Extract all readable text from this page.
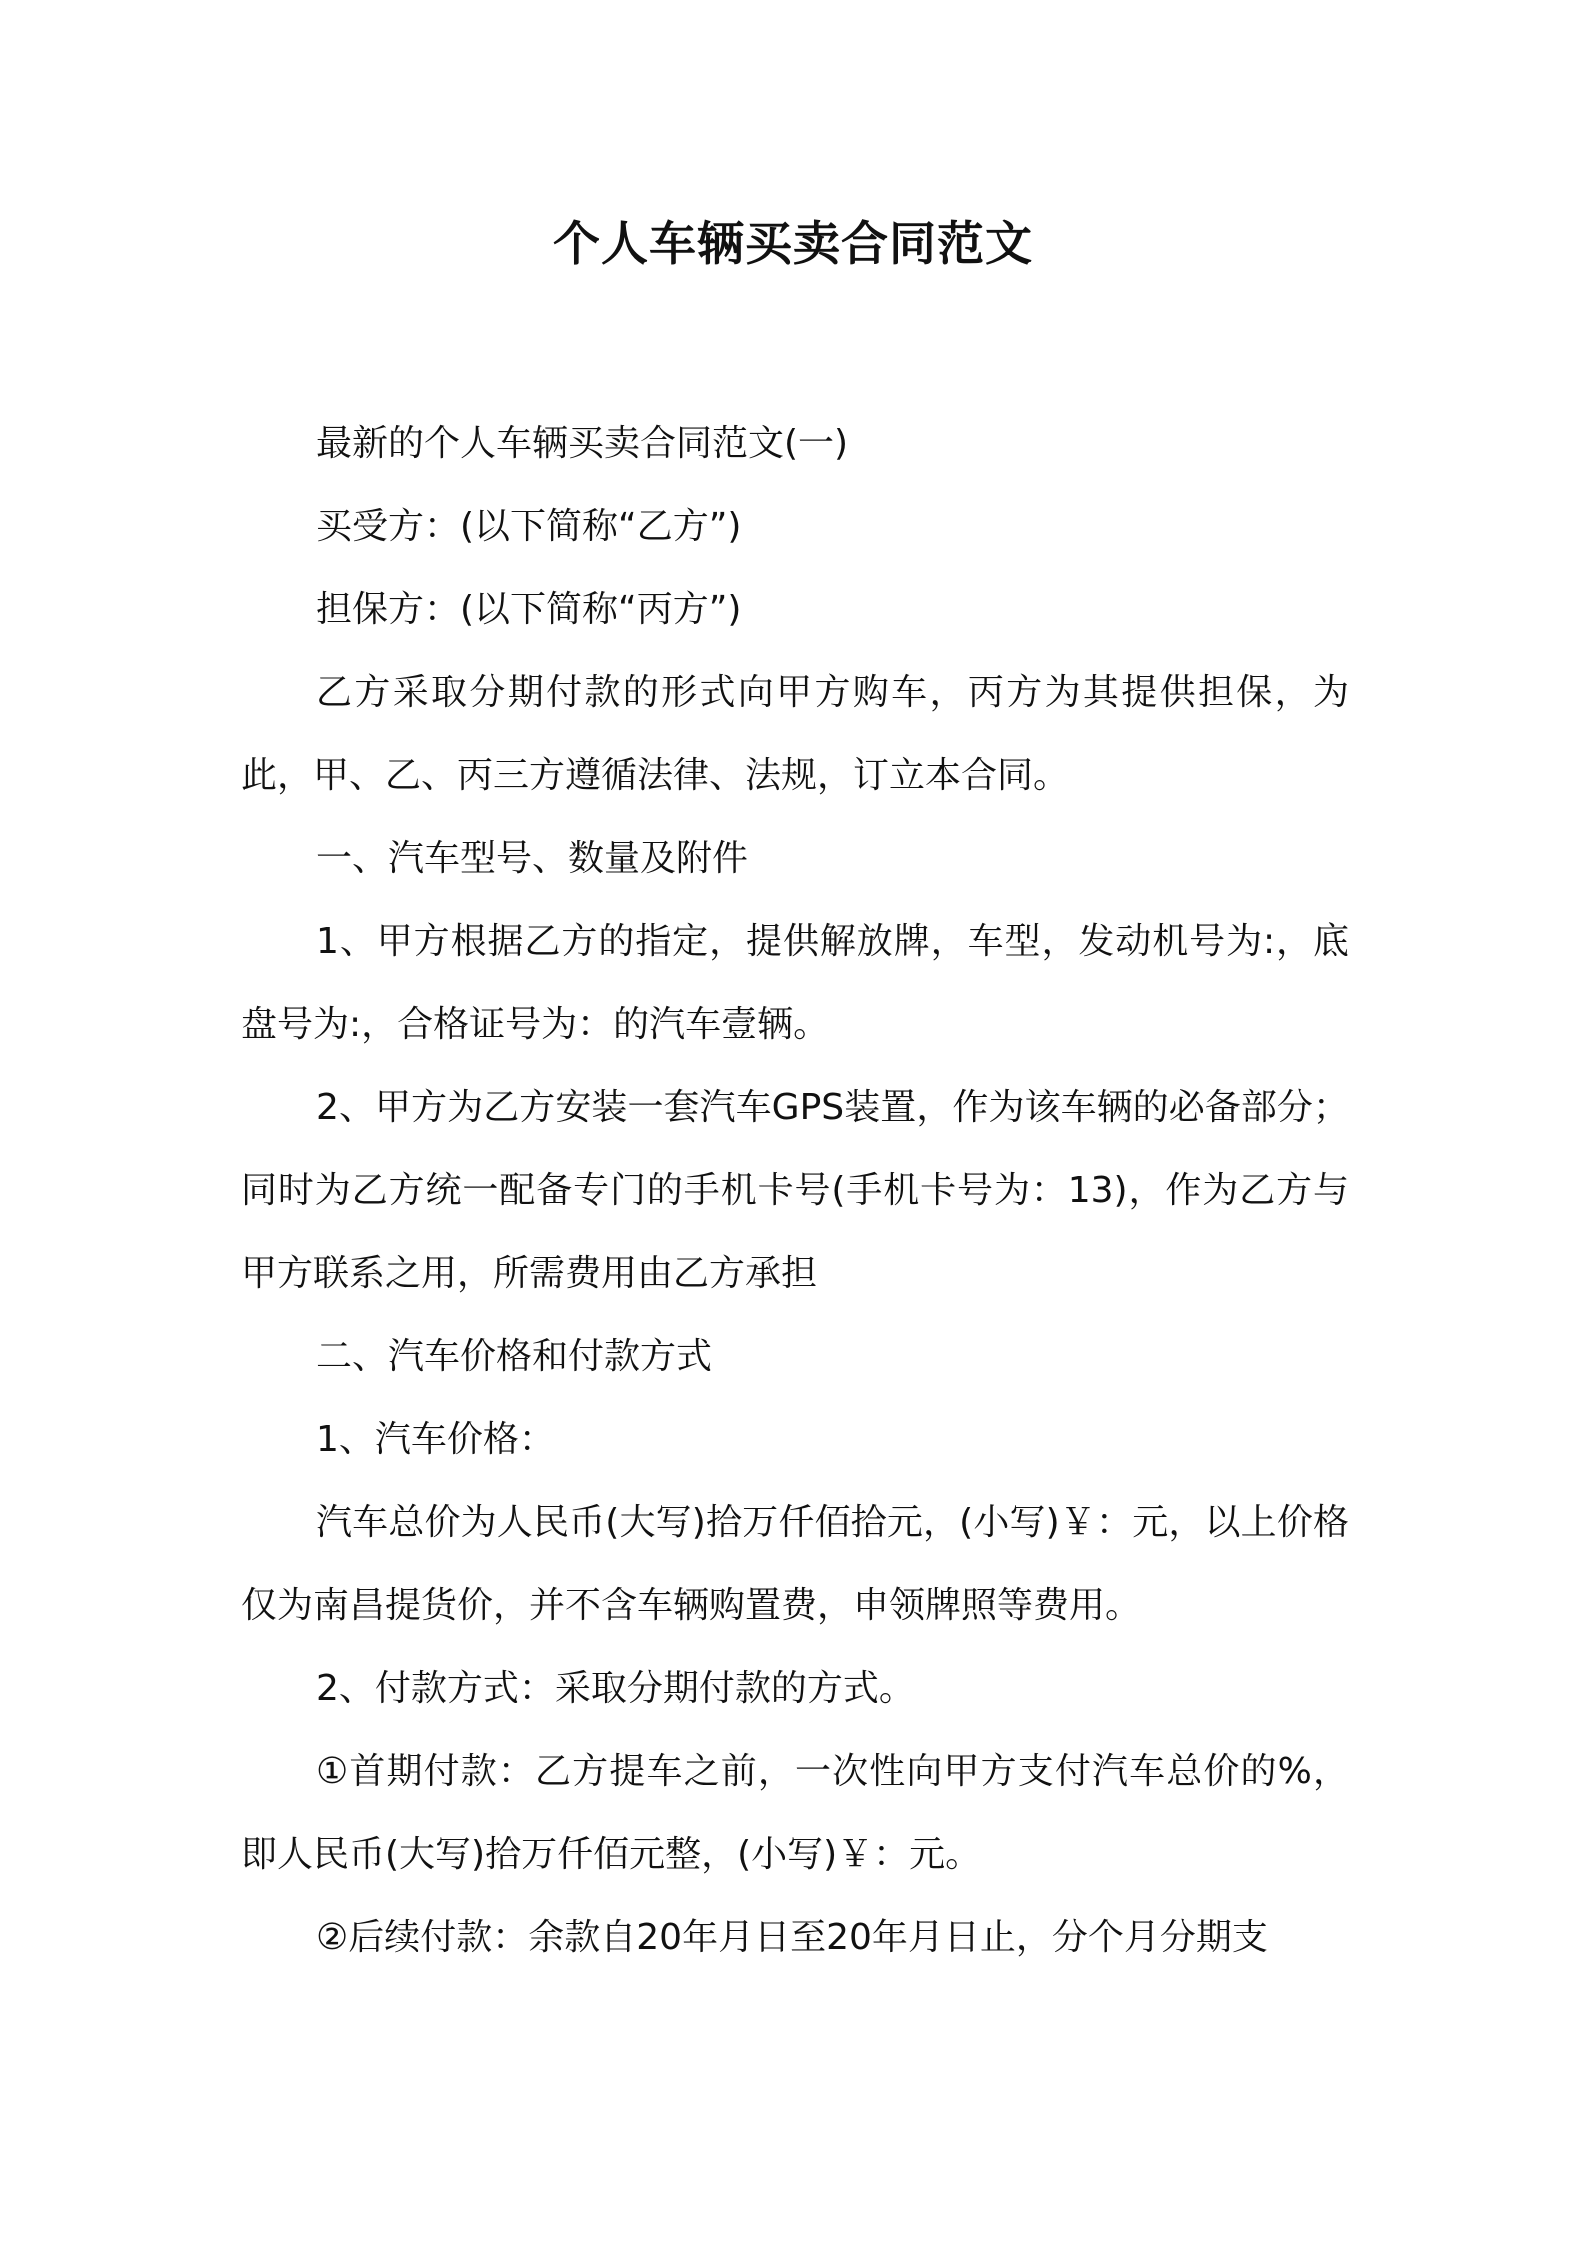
个人车辆买卖合同范文

最新的个人车辆买卖合同范文(一)

买受方：(以下简称“乙方”)

担保方：(以下简称“丙方”)

乙方采取分期付款的形式向甲方购车，丙方为其提供担保，为此，甲、乙、丙三方遵循法律、法规，订立本合同。

一、汽车型号、数量及附件

1、甲方根据乙方的指定，提供解放牌，车型，发动机号为:，底盘号为:，合格证号为：的汽车壹辆。

2、甲方为乙方安装一套汽车GPS装置，作为该车辆的必备部分；同时为乙方统一配备专门的手机卡号(手机卡号为：13)，作为乙方与甲方联系之用，所需费用由乙方承担

二、汽车价格和付款方式

1、汽车价格：

汽车总价为人民币(大写)拾万仟佰拾元，(小写)￥：元，以上价格仅为南昌提货价，并不含车辆购置费，申领牌照等费用。

2、付款方式：采取分期付款的方式。

①首期付款：乙方提车之前，一次性向甲方支付汽车总价的%，即人民币(大写)拾万仟佰元整，(小写)￥：元。

②后续付款：余款自20年月日至20年月日止，分个月分期支
